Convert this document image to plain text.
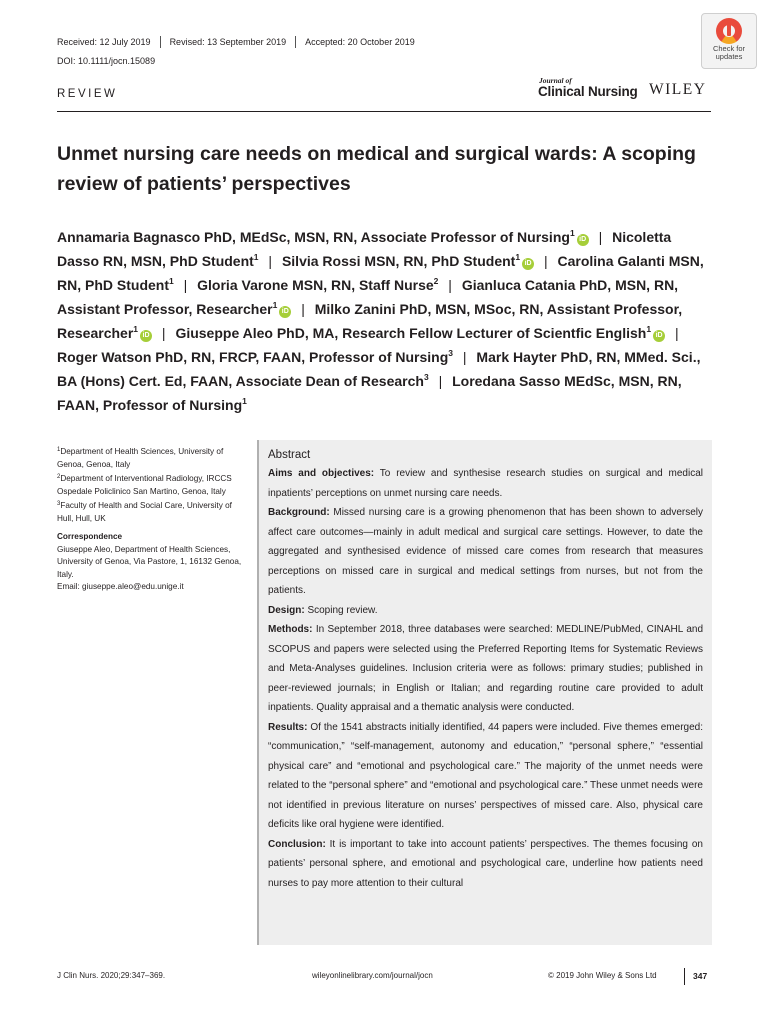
Received: 12 July 2019 Revised: 13 September 2019 Accepted: 20 October 2019
DOI: 10.1111/jocn.15089
Check for
updates
REVIEW
Journal of
Clinical Nursing WILEY
Unmet nursing care needs on medical and surgical wards: A scoping review of patients’ perspectives
Annamaria Bagnasco PhD, MEdSc, MSN, RN, Associate Professor of Nursing$^1$iD | Nicoletta Dasso RN, MSN, PhD Student$^1$ | Silvia Rossi MSN, RN, PhD Student$^1$iD | Carolina Galanti MSN, RN, PhD Student$^1$ | Gloria Varone MSN, RN, Staff Nurse$^2$ | Gianluca Catania PhD, MSN, RN, Assistant Professor, Researcher$^1$iD | Milko Zanini PhD, MSN, MSoc, RN, Assistant Professor, Researcher$^1$iD | Giuseppe Aleo PhD, MA, Research Fellow Lecturer of Scientfic English$^1$iD | Roger Watson PhD, RN, FRCP, FAAN, Professor of Nursing$^3$ | Mark Hayter PhD, RN, MMed. Sci., BA (Hons) Cert. Ed, FAAN, Associate Dean of Research$^3$ | Loredana Sasso MEdSc, MSN, RN, FAAN, Professor of Nursing$^1$

$^1$Department of Health Sciences, University of Genoa, Genoa, Italy

$^2$Department of Interventional Radiology, IRCCS Ospedale Policlinico San Martino, Genoa, Italy

$^3$Faculty of Health and Social Care, University of Hull, Hull, UK

Correspondence
Giuseppe Aleo, Department of Health Sciences, University of Genoa, Via Pastore, 1, 16132 Genoa, Italy.
Email: giuseppe.aleo@edu.unige.it
Abstract

Aims and objectives: To review and synthesise research studies on surgical and medical inpatients’ perceptions on unmet nursing care needs.

Background: Missed nursing care is a growing phenomenon that has been shown to adversely affect care outcomes—mainly in adult medical and surgical care settings. However, to date the aggregated and synthesised evidence of missed care comes from research that measures perceptions on missed care in surgical and medical settings from nurses, but not from the patients.

Design: Scoping review.

Methods: In September 2018, three databases were searched: MEDLINE/PubMed, CINAHL and SCOPUS and papers were selected using the Preferred Reporting Items for Systematic Reviews and Meta-Analyses guidelines. Inclusion criteria were as follows: primary studies; published in peer-reviewed journals; in English or Italian; and regarding routine care provided to adult inpatients. Quality appraisal and a thematic analysis were conducted.

Results: Of the 1541 abstracts initially identified, 44 papers were included. Five themes emerged: “communication,” “self-management, autonomy and education,” “personal sphere,” “essential physical care” and “emotional and psychological care.” The majority of the unmet needs were related to the “personal sphere” and “emotional and psychological care.” These unmet needs were not identified in previous literature on nurses’ perspectives of missed care. Also, physical care deficits like oral hygiene were identified.

Conclusion: It is important to take into account patients’ perspectives. The themes focusing on patients’ personal sphere, and emotional and psychological care, underline how patients need nurses to pay more attention to their cultural

J Clin Nurs. 2020;29:347–369.	wileyonlinelibrary.com/journal/jocn	© 2019 John Wiley & Sons Ltd	347
